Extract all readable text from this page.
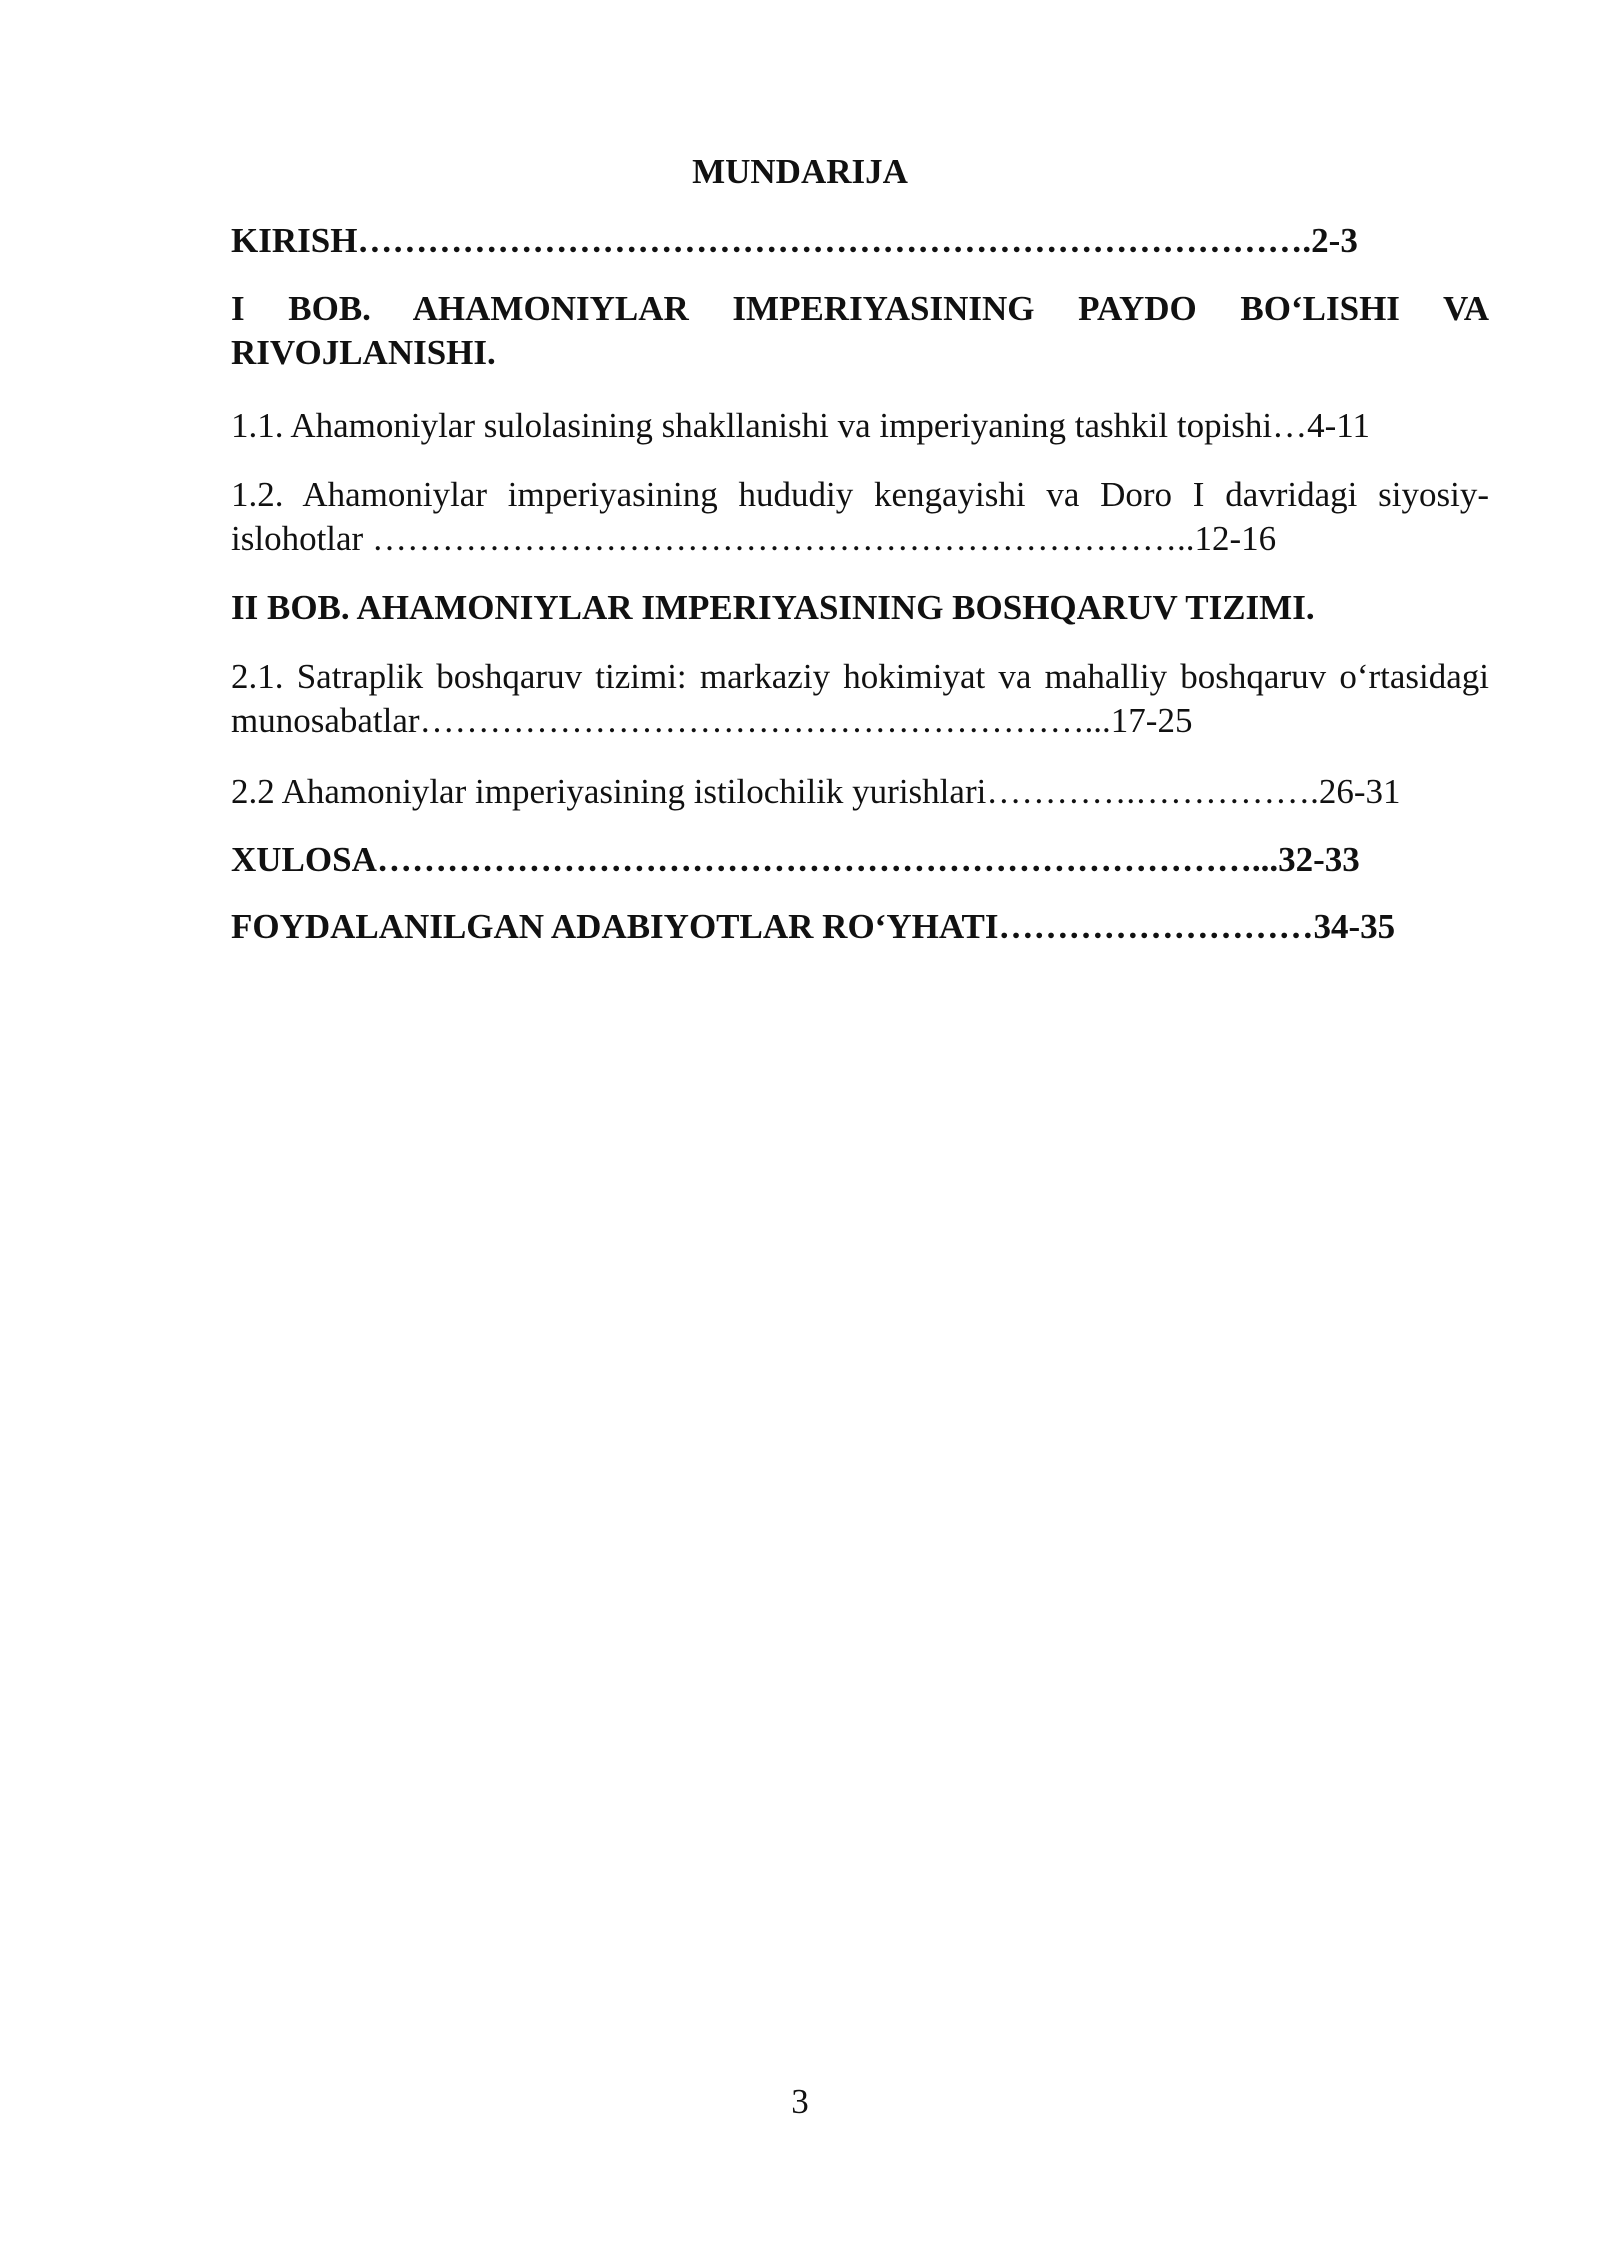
MUNDARIJA
KIRISH……………………………………………………………………….2-3
I BOB. AHAMONIYLAR IMPERIYASINING PAYDO BO‘LISHI VA RIVOJLANISHI.
1.1. Ahamoniylar sulolasining shakllanishi va imperiyaning tashkil topishi…4-11
1.2. Ahamoniylar imperiyasining hududiy kengayishi va Doro I davridagi siyosiy-islohotlar ……………………………………………………………..12-16
II BOB. AHAMONIYLAR IMPERIYASINING BOSHQARUV TIZIMI.
2.1. Satraplik boshqaruv tizimi: markaziy hokimiyat va mahalliy boshqaruv o‘rtasidagi munosabatlar…………………………………………………...17-25
2.2 Ahamoniylar imperiyasining istilochilik yurishlari………….…………….26-31
XULOSA…………………………………………………………………...32-33
FOYDALANILGAN ADABIYOTLAR RO‘YHATI………………………34-35
3
